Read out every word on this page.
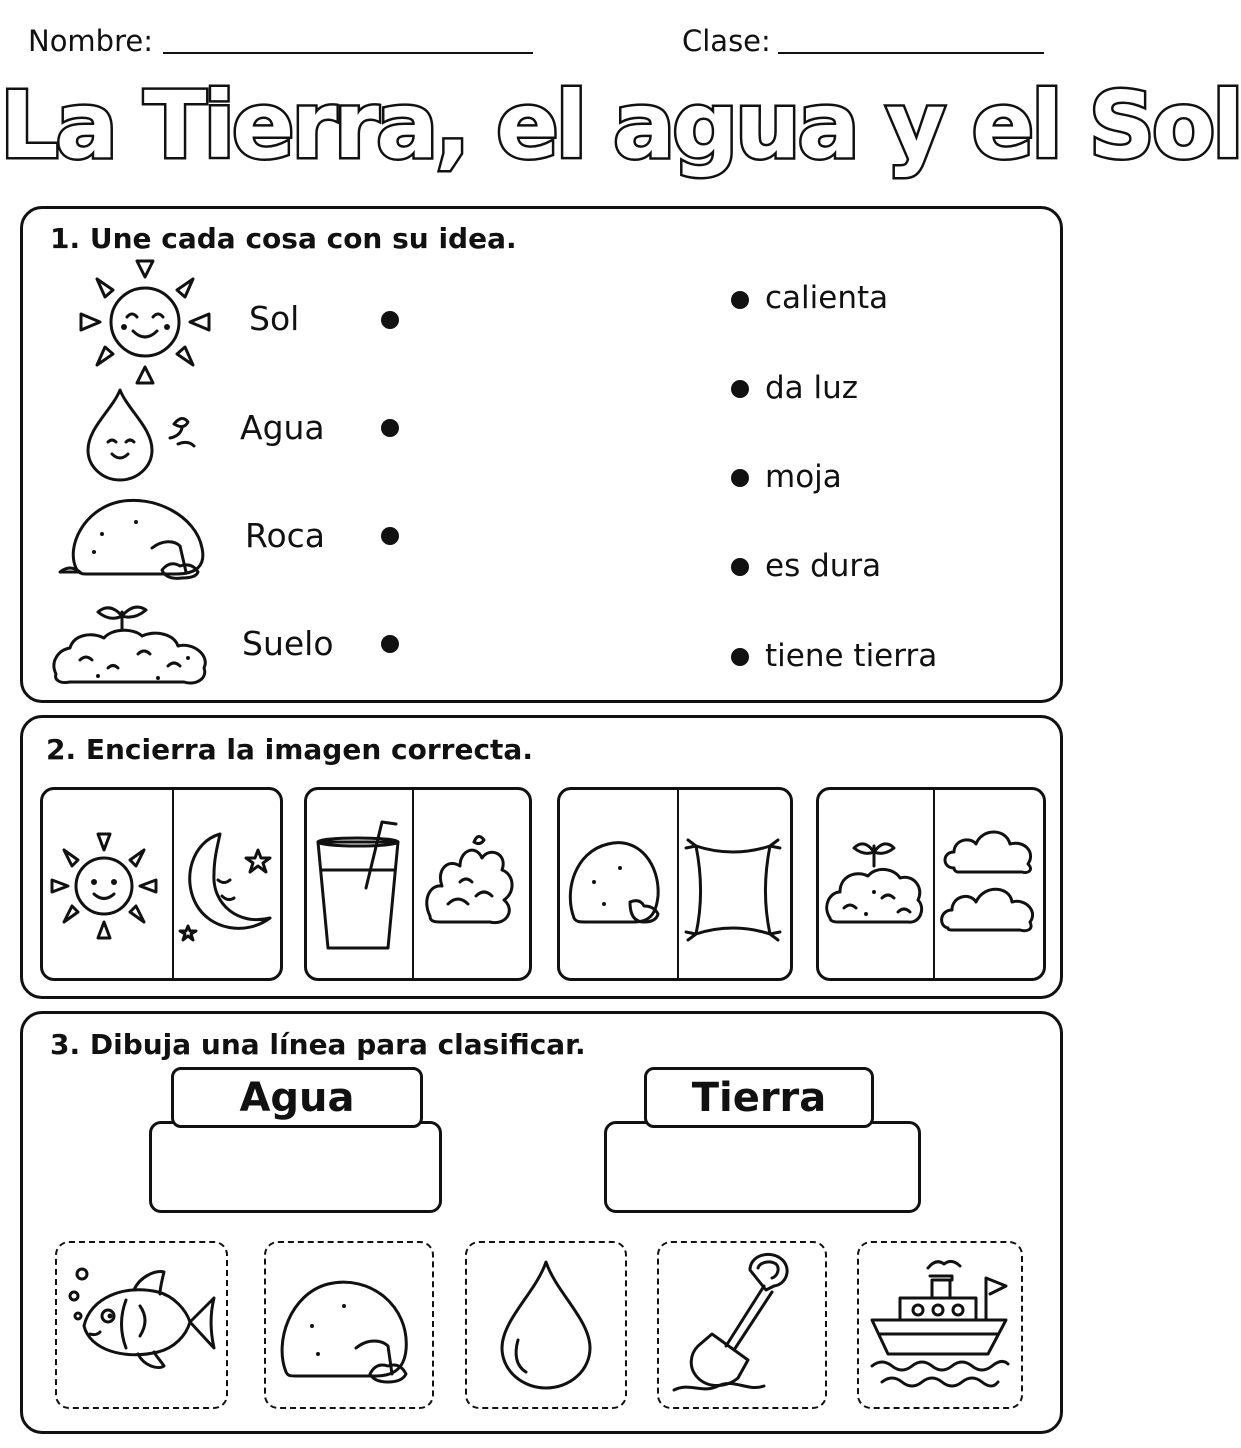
Nombre:	Clase:
La Tierra, el agua y el Sol
1. Une cada cosa con su idea.
Sol
Agua
Roca
Suelo
calienta
da luz
moja
es dura
tiene tierra
2. Encierra la imagen correcta.
3. Dibuja una línea para clasificar.
Agua	Tierra
